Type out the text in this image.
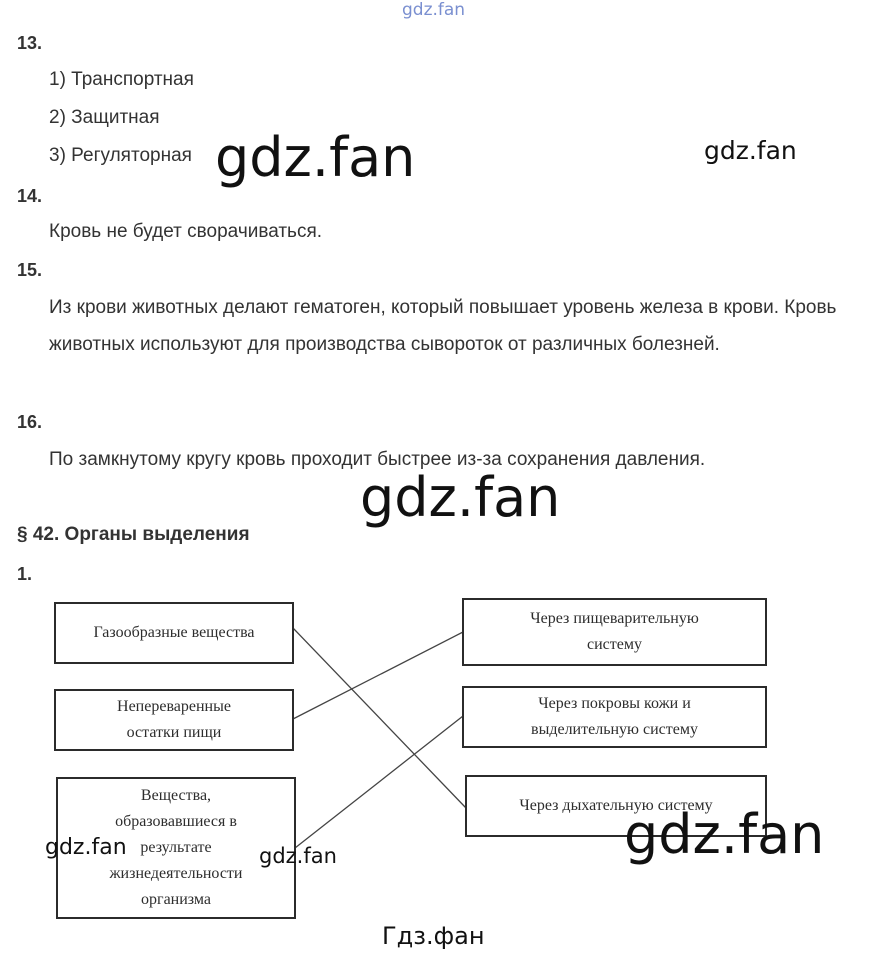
gdz.fan
13.
1) Транспортная
2) Защитная
3) Регуляторная gdz.fan	gdz.fan
14.
Кровь не будет сворачиваться.
15.
Из крови животных делают гематоген, который повышает уровень железа в крови. Кровь животных используют для производства сывороток от различных болезней.
16.
По замкнутому кругу кровь проходит быстрее из-за сохранения давления.
gdz.fan
§ 42. Органы выделения
1.
Газообразные вещества
Непереваренные остатки пищи
Вещества, образовавшиеся в результате жизнедеятельности организма
Через пищеварительную систему
Через покровы кожи и выделительную систему
Через дыхательную систему
gdz.fan
gdz.fan	gdz.fan
Гдз.фан
